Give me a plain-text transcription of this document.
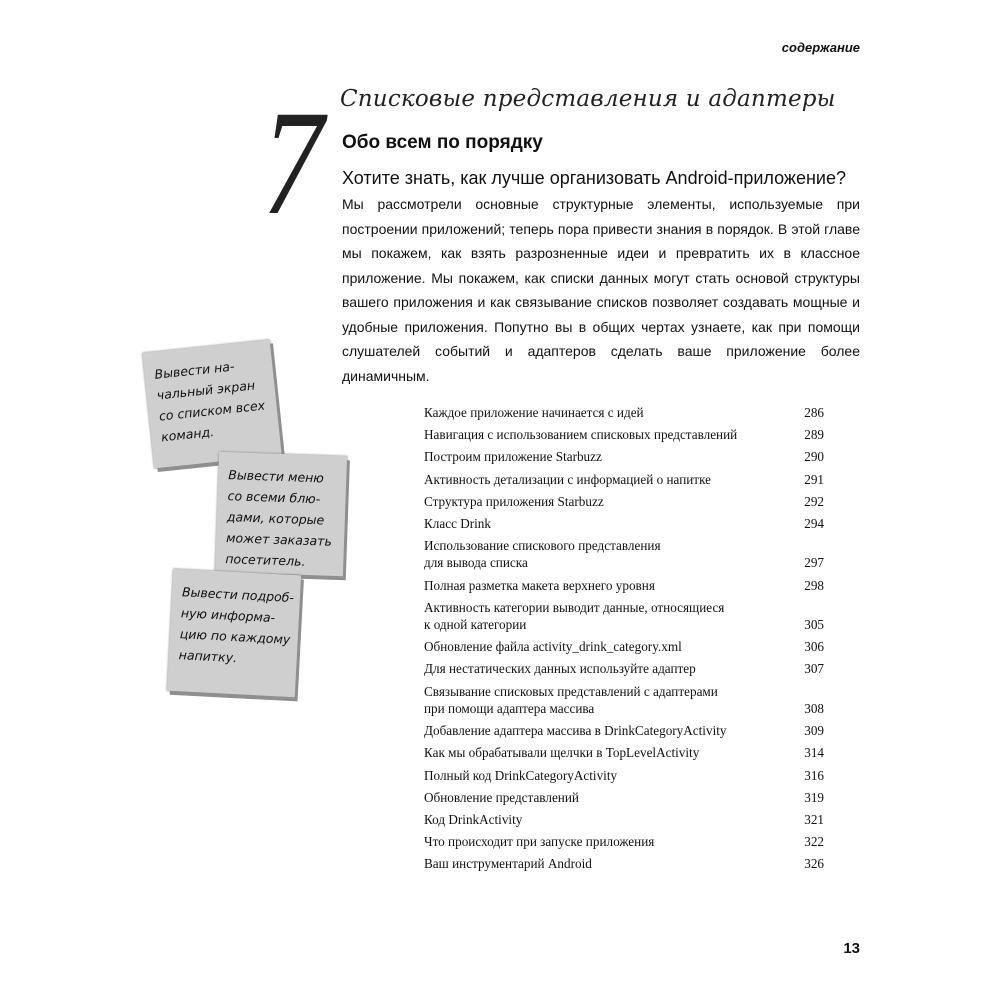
содержание
7 Списковые представления и адаптеры
Обо всем по порядку
Хотите знать, как лучше организовать Android-приложение?
Мы рассмотрели основные структурные элементы, используемые при построении приложений; теперь пора привести знания в порядок. В этой главе мы покажем, как взять разрозненные идеи и превратить их в классное приложение. Мы покажем, как списки данных могут стать основой структуры вашего приложения и как связывание списков позволяет создавать мощные и удобные приложения. Попутно вы в общих чертах узнаете, как при помощи слушателей событий и адаптеров сделать ваше приложение более динамичным.
Вывести на-
чальный экран
со списком всех
команд.
Вывести меню
со всеми блю-
дами, которые
может заказать
посетитель.
Вывести подроб-
ную информа-
цию по каждому
напитку.
Каждое приложение начинается с идей	286
Навигация с использованием списковых представлений	289
Построим приложение Starbuzz	290
Активность детализации с информацией о напитке	291
Структура приложения Starbuzz	292
Класс Drink	294
Использование спискового представления
для вывода списка	297
Полная разметка макета верхнего уровня	298
Активность категории выводит данные, относящиеся
к одной категории	305
Обновление файла activity_drink_category.xml	306
Для нестатических данных используйте адаптер	307
Связывание списковых представлений с адаптерами
при помощи адаптера массива	308
Добавление адаптера массива в DrinkCategoryActivity	309
Как мы обрабатывали щелчки в TopLevelActivity	314
Полный код DrinkCategoryActivity	316
Обновление представлений	319
Код DrinkActivity	321
Что происходит при запуске приложения	322
Ваш инструментарий Android	326
13
